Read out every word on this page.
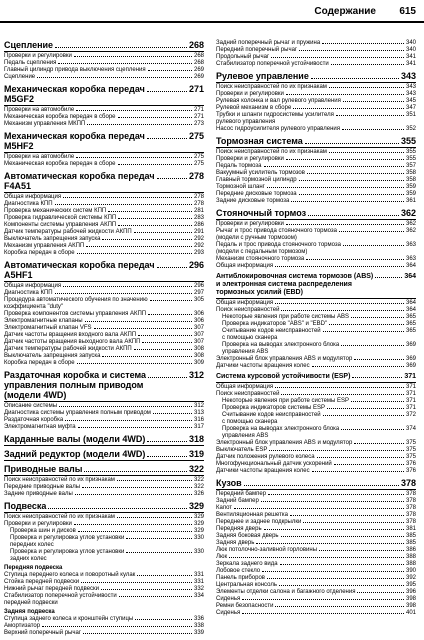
Содержание 615
Сцепление	268
Проверки и регулировки	268
Педаль сцепления	268
Главный цилиндр привода выключения сцепления	269
Сцепление	269
Механическая коробка передач
M5GF2
271
Проверки на автомобиле	271
Механическая коробка передач в сборе	271
Механизм управления МКПП	273
Механическая коробка передач
M5HF2
275
Проверки на автомобиле	275
Механическая коробка передач в сборе	275
Автоматическая коробка передач
F4A51
278
Общая информация	278
Диагностика КПП	278
Проверка механических систем КПП	281
Проверка гидравлической системы КПП	283
Компоненты системы управления АКПП	286
Датчик температуры рабочей жидкости АКПП	291
Выключатель запрещения запуска	292
Механизм управления АКПП	292
Коробка передач в сборе	293
Автоматическая коробка передач
A5HF1
296
Общая информация	296
Диагностика КПП	297
Процедура автоматического обучения по значению
коэффициента "duty"
305
Проверка компонентов системы управления АКПП	306
Электромагнитные клапаны	306
Электромагнитный клапан VFS	307
Датчик частоты вращения входного вала АКПП	307
Датчик частоты вращения выходного вала АКПП	307
Датчик температуры рабочей жидкости АКПП	308
Выключатель запрещения запуска	308
Коробка передач в сборе	309
Раздаточная коробка и система
управления полным приводом
(модели 4WD)
312
Описание системы	312
Диагностика системы управления полным приводом	313
Раздаточная коробка	316
Электромагнитная муфта	317
Карданные валы (модели 4WD)	318
Задний редуктор (модели 4WD)	319
Приводные валы	322
Поиск неисправностей по их признакам	322
Передние приводные валы	322
Задние приводные валы	326
Подвеска	329
Поиск неисправностей по их признакам	329
Проверки и регулировки	329
Проверка шин и дисков	329
Проверка и регулировка углов установки
передних колес
330
Проверка и регулировка углов установки
задних колес
330
Передняя подвеска
Ступица переднего колеса и поворотный кулак	331
Стойка передней подвески	331
Нижний рычаг передней подвески	332
Стабилизатор поперечной устойчивости
передней подвески
334
Задняя подвеска
Ступица заднего колеса и кронштейн ступицы	336
Амортизатор	338
Верхний поперечный рычаг	339
Задний поперечный рычаг и пружина	340
Передний поперечный рычаг	340
Продольный рычаг	341
Стабилизатор поперечной устойчивости	341
Рулевое управление	343
Поиск неисправностей по их признакам	343
Проверки и регулировки	343
Рулевая колонка и вал рулевого управления	345
Рулевой механизм в сборе	347
Трубки и шланги гидросистемы усилителя
рулевого управления
351
Насос гидроусилителя рулевого управления	352
Тормозная система	355
Поиск неисправностей по их признакам	355
Проверки и регулировки	355
Педаль тормоза	357
Вакуумный усилитель тормозов	358
Главный тормозной цилиндр	358
Тормозной шланг	359
Передние дисковые тормоза	359
Задние дисковые тормоза	361
Стояночный тормоз	362
Проверки и регулировки	362
Рычаг и трос привода стояночного тормоза
(модели с ручным тормозом)
362
Педаль и трос привода стояночного тормоза
(модели с педальным тормозом)
363
Механизм стояночного тормоза	363
Общая информация	364
Антиблокировочная система тормозов (ABS)
и электронная система распределения
тормозных усилий (EBD)
364
Общая информация	364
Поиск неисправностей	364
Некоторые явления при работе системы ABS	365
Проверка индикаторов "ABS" и "EBD"	365
Считывание кодов неисправностей
с помощью сканера
365
Проверка на выводах электронного блока
управления ABS
369
Электронный блок управления ABS и модулятор	369
Датчики частоты вращения колес	369
Система курсовой устойчивости (ESP)	371
Общая информация	371
Поиск неисправностей	371
Некоторые явления при работе системы ESP	371
Проверка индикаторов системы ESP	371
Считывание кодов неисправностей
с помощью сканера
372
Проверка на выводах электронного блока
управления ABS
374
Электронный блок управления ABS и модулятор	375
Выключатель ESP	375
Датчик положения рулевого колеса	375
Многофункциональный датчик ускорений	376
Датчики частоты вращения колес	376
Кузов	378
Передний бампер	378
Задний бампер	378
Капот	378
Вентиляционная решетка	378
Переднее и заднее подкрылки	378
Передняя дверь	381
Задняя боковая дверь	385
Задняя дверь	385
Люк потолочно-заливной горловины	386
Люк	388
Зеркала заднего вида	388
Лобовое стекло	390
Панель приборов	392
Центральная консоль	395
Элементы отделки салона и багажного отделения	396
Сиденья	398
Ремни безопасности	398
Сиденья	401
